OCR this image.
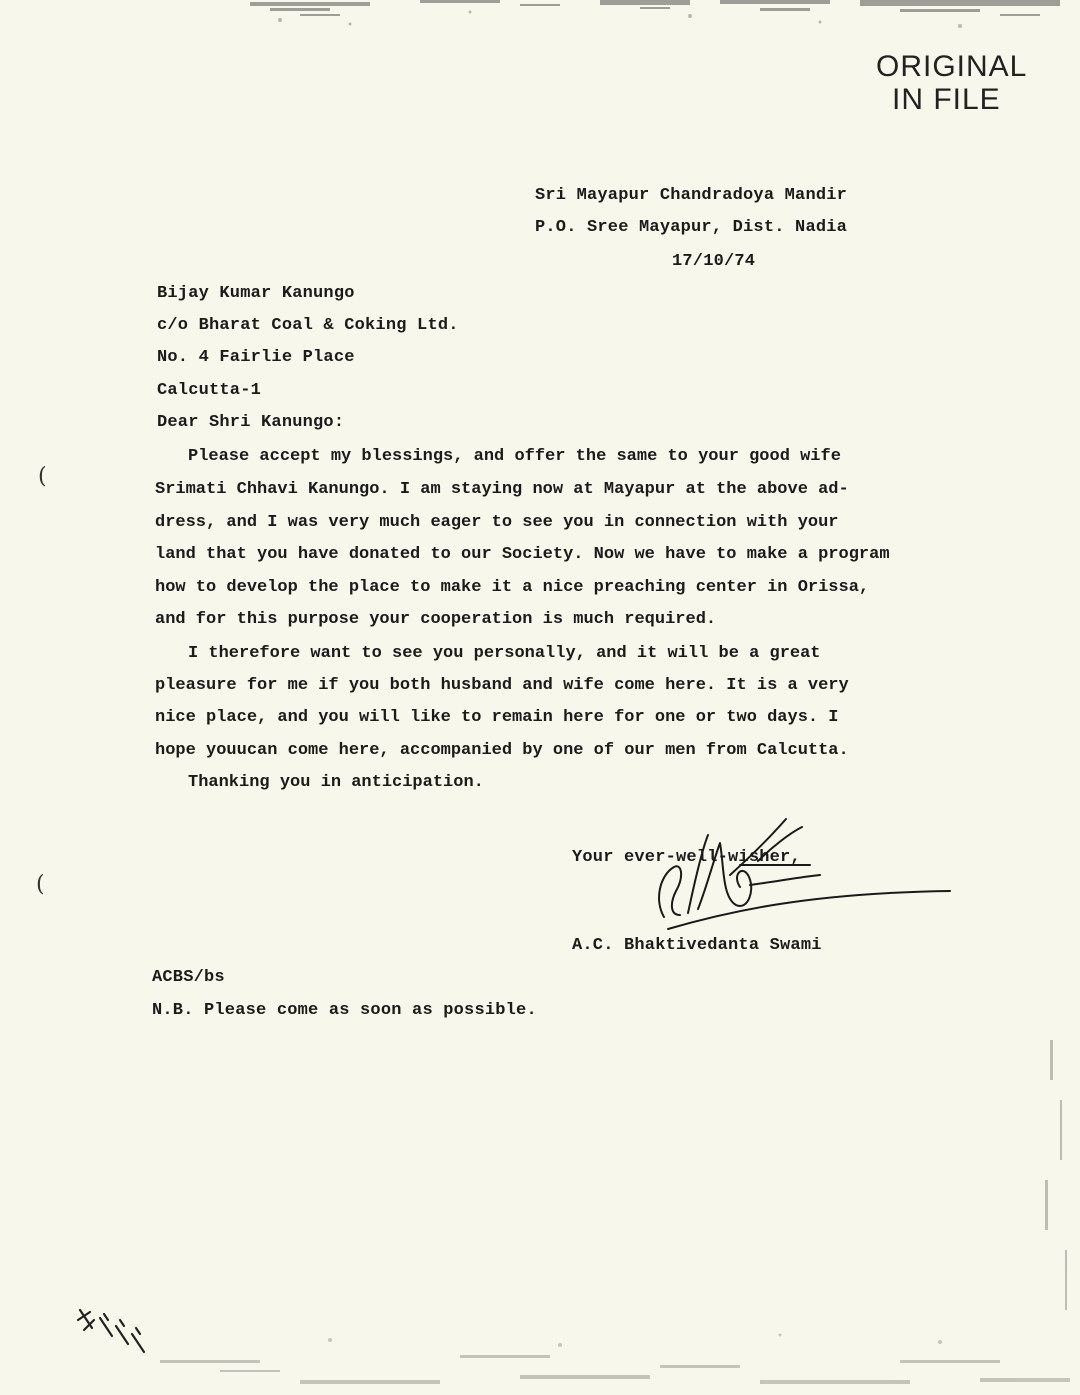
ORIGINAL
IN FILE
Sri Mayapur Chandradoya Mandir
P.O. Sree Mayapur, Dist. Nadia
17/10/74
Bijay Kumar Kanungo
c/o Bharat Coal & Coking Ltd.
No. 4 Fairlie Place
Calcutta-1
Dear Shri Kanungo:
Please accept my blessings, and offer the same to your good wife
Srimati Chhavi Kanungo. I am staying now at Mayapur at the above ad-
dress, and I was very much eager to see you in connection with your
land that you have donated to our Society. Now we have to make a program
how to develop the place to make it a nice preaching center in Orissa,
and for this purpose your cooperation is much required.
I therefore want to see you personally, and it will be a great
pleasure for me if you both husband and wife come here. It is a very
nice place, and you will like to remain here for one or two days. I
hope youucan come here, accompanied by one of our men from Calcutta.
Thanking you in anticipation.
(
(
Your ever-well-wisher,
A.C. Bhaktivedanta Swami
ACBS/bs
N.B. Please come as soon as possible.
